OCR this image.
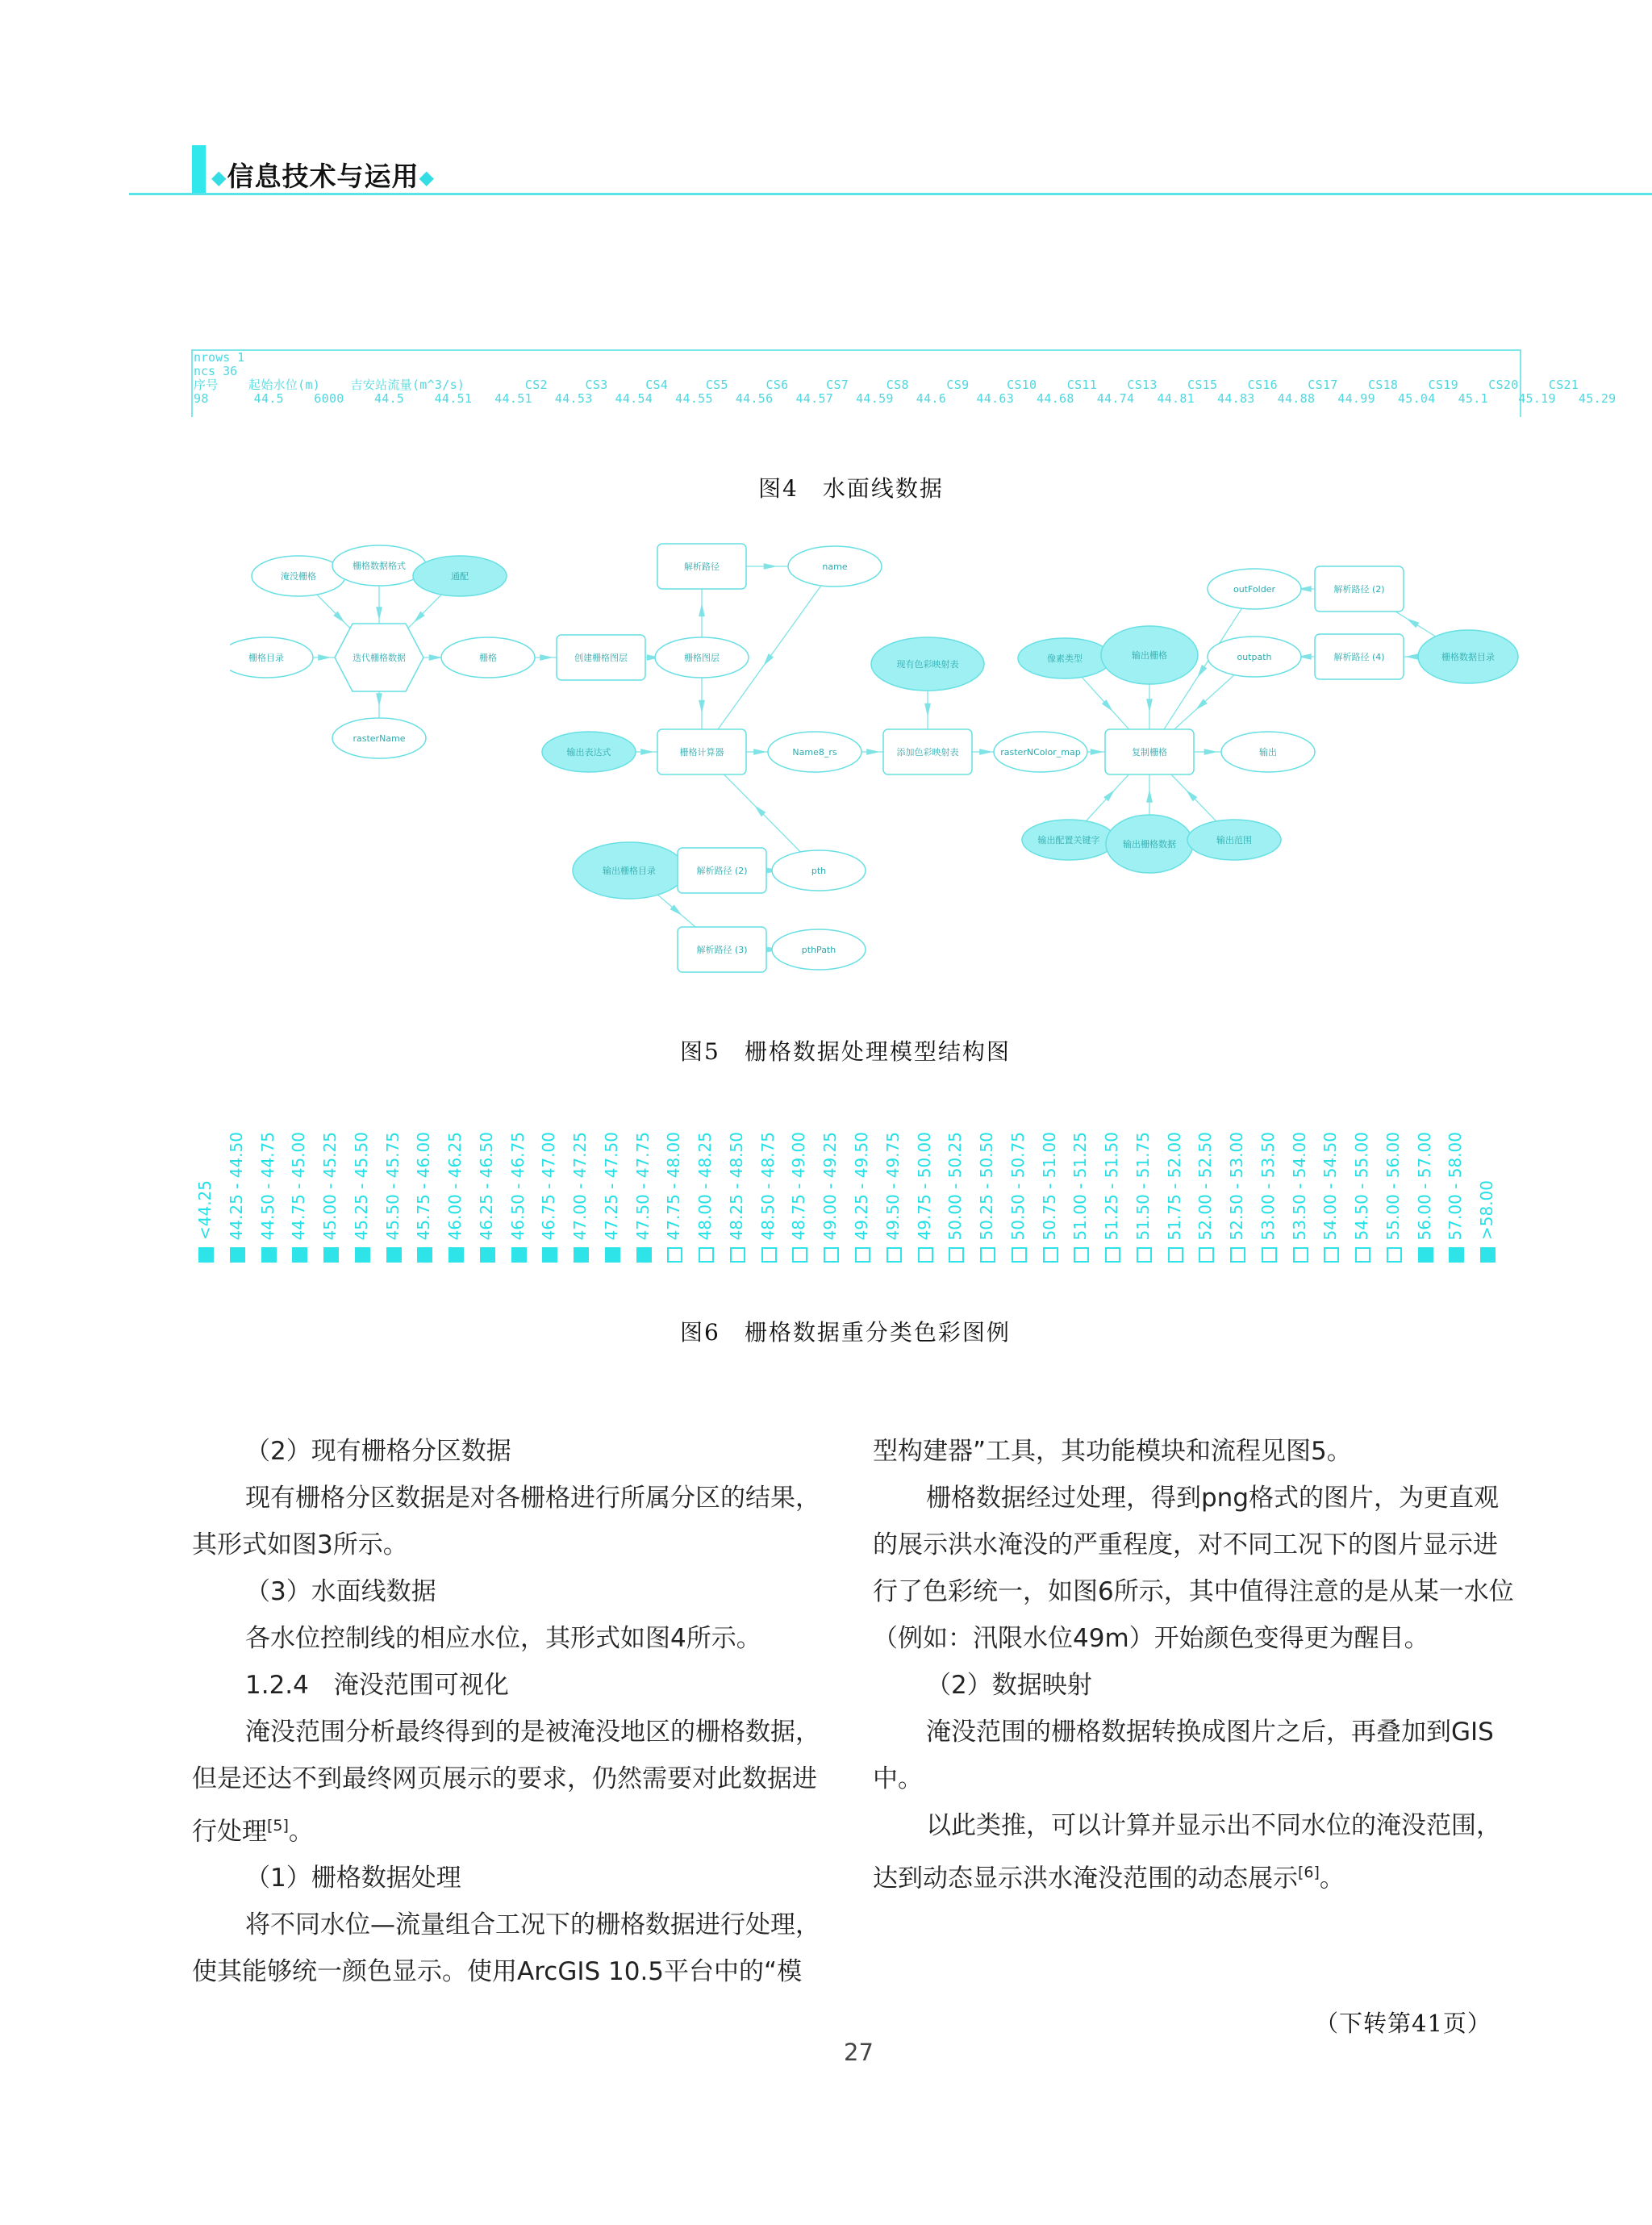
◆信息技术与运用◆
nrows 1
ncs 36
序号    起始水位(m)    吉安站流量(m^3/s)        CS2     CS3     CS4     CS5     CS6     CS7     CS8     CS9     CS10    CS11    CS13    CS15    CS16    CS17    CS18    CS19    CS20    CS21
98      44.5    6000    44.5    44.51   44.51   44.53   44.54   44.55   44.56   44.57   44.59   44.6    44.63   44.68   44.74   44.81   44.83   44.88   44.99   45.04   45.1    45.19   45.29
图4　水面线数据
淹没栅格
栅格数据格式
通配
栅格目录	迭代栅格数据	栅格
rasterName
创建栅格图层
解析路径	name
栅格图层
输出表达式	栅格计算器	Name8_rs	添加色彩映射表
现有色彩映射表
rasterNColor_map
像素类型	输出栅格
复制栅格	输出
outFolder	解析路径 (2)
outpath	解析路径 (4)	栅格数据目录
输出配置关键字	输出栅格数据	输出范围
输出栅格目录	解析路径 (2)	pth
解析路径 (3)	pthPath
图5　栅格数据处理模型结构图
<44.25 44.25 - 44.50 44.50 - 44.75 44.75 - 45.00 45.00 - 45.25 45.25 - 45.50 45.50 - 45.75 45.75 - 46.00 46.00 - 46.25 46.25 - 46.50 46.50 - 46.75 46.75 - 47.00 47.00 - 47.25 47.25 - 47.50 47.50 - 47.75 47.75 - 48.00 48.00 - 48.25 48.25 - 48.50 48.50 - 48.75 48.75 - 49.00 49.00 - 49.25 49.25 - 49.50 49.50 - 49.75 49.75 - 50.00 50.00 - 50.25 50.25 - 50.50 50.50 - 50.75 50.75 - 51.00 51.00 - 51.25 51.25 - 51.50 51.50 - 51.75 51.75 - 52.00 52.00 - 52.50 52.50 - 53.00 53.00 - 53.50 53.50 - 54.00 54.00 - 54.50 54.50 - 55.00 55.00 - 56.00 56.00 - 57.00 57.00 - 58.00 >58.00
图6　栅格数据重分类色彩图例

（2）现有栅格分区数据

现有栅格分区数据是对各栅格进行所属分区的结果，其形式如图3所示。

（3）水面线数据

各水位控制线的相应水位，其形式如图4所示。

1.2.4　淹没范围可视化

淹没范围分析最终得到的是被淹没地区的栅格数据，但是还达不到最终网页展示的要求，仍然需要对此数据进行处理[5]。

（1）栅格数据处理

将不同水位—流量组合工况下的栅格数据进行处理，使其能够统一颜色显示。使用ArcGIS 10.5平台中的“模

型构建器”工具，其功能模块和流程见图5。

栅格数据经过处理，得到png格式的图片，为更直观的展示洪水淹没的严重程度，对不同工况下的图片显示进行了色彩统一，如图6所示，其中值得注意的是从某一水位（例如：汛限水位49m）开始颜色变得更为醒目。

（2）数据映射

淹没范围的栅格数据转换成图片之后，再叠加到GIS中。

以此类推，可以计算并显示出不同水位的淹没范围，达到动态显示洪水淹没范围的动态展示[6]。

（下转第41页）
27
